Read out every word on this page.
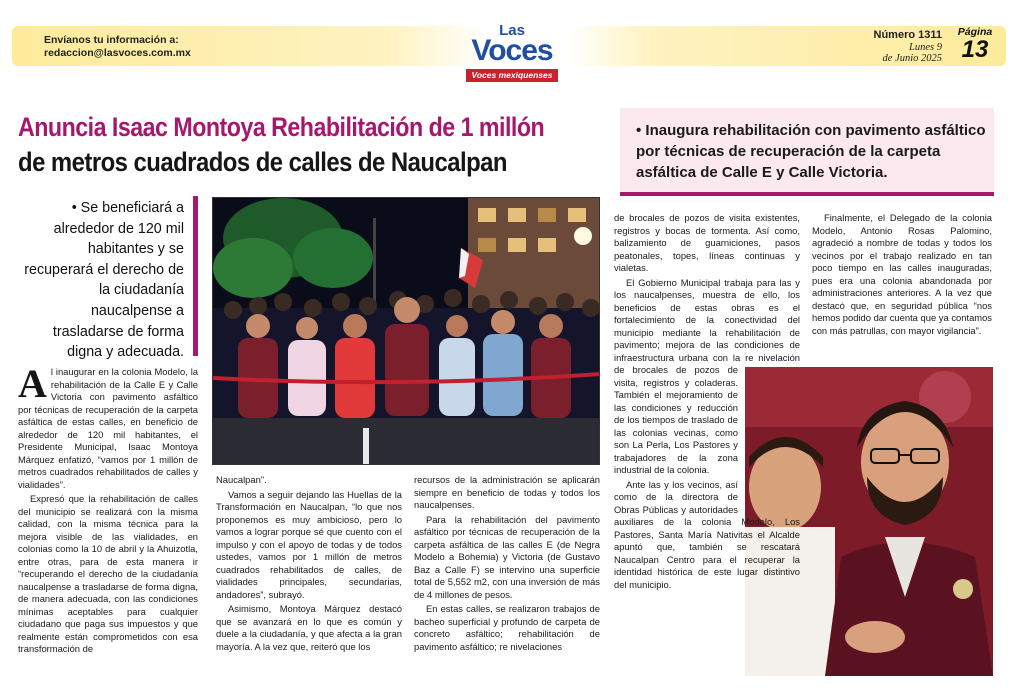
Envíanos tu información a:
redaccion@lasvoces.com.mx
Las
Voces
Voces mexiquenses
Número 1311
Lunes 9
de Junio 2025
Página
13
Anuncia Isaac Montoya Rehabilitación de 1 millón
de metros cuadrados de calles de Naucalpan
• Inaugura rehabilitación con pavimento asfáltico por técnicas de recuperación de la carpeta asfáltica de Calle E y Calle Victoria.
• Se beneficiará a alrededor de 120 mil habitantes y se recuperará el derecho de la ciudadanía naucalpense a trasladarse de forma digna y adecuada.

Al inaugurar en la colonia Modelo, la rehabilitación de la Calle E y Calle Victoria con pavimento asfáltico por técnicas de recuperación de la carpeta asfáltica de estas calles, en beneficio de alrededor de 120 mil habitantes, el Presidente Municipal, Isaac Montoya Márquez enfatizó, “vamos por 1 millón de metros cuadrados rehabilitados de calles y vialidades”.

Expresó que la rehabilitación de calles del municipio se realizará con la misma calidad, con la misma técnica para la mejora visible de las vialidades, en colonias como la 10 de abril y la Ahuizotla, entre otras, para de esta manera ir “recuperando el derecho de la ciudadanía naucalpense a trasladarse de forma digna, de manera adecuada, con las condiciones mínimas aceptables para cualquier ciudadano que paga sus impuestos y que realmente están comprometidos con esa transformación de

Naucalpan”.

Vamos a seguir dejando las Huellas de la Transformación en Naucalpan, “lo que nos proponemos es muy ambicioso, pero lo vamos a lograr porque sé que cuento con el impulso y con el apoyo de todas y de todos ustedes, vamos por 1 millón de metros cuadrados rehabilitados de calles, de vialidades principales, secundarias, andadores”, subrayó.

Asimismo, Montoya Márquez destacó que se avanzará en lo que es común y duele a la ciudadanía, y que afecta a la gran mayoría. A la vez que, reiteró que los

recursos de la administración se aplicarán siempre en beneficio de todas y todos los naucalpenses.

Para la rehabilitación del pavimento asfáltico por técnicas de recuperación de la carpeta asfáltica de las calles E (de Negra Modelo a Bohemia) y Victoria (de Gustavo Baz a Calle F) se intervino una superficie total de 5,552 m2, con una inversión de más de 4 millones de pesos.

En estas calles, se realizaron trabajos de bacheo superficial y profundo de carpeta de concreto asfáltico; rehabilitación de pavimento asfáltico; re nivelaciones

de brocales de pozos de visita existentes, registros y bocas de tormenta. Así como, balizamiento de guarniciones, pasos peatonales, topes, líneas continuas y vialetas.

El Gobierno Municipal trabaja para las y los naucalpenses, muestra de ello, los beneficios de estas obras es el fortalecimiento de la conectividad del municipio mediante la rehabilitación de pavimento; mejora de las condiciones de infraestructura urbana con la re nivelación de brocales de pozos de visita, registros y coladeras. También el mejoramiento de las condiciones y reducción de los tiempos de traslado de las colonias vecinas, como son La Perla, Los Pastores y trabajadores de la zona industrial de la colonia.

Ante las y los vecinos, así como de la directora de Obras Públicas y autoridades auxiliares de la colonia Modelo, Los Pastores, Santa María Nativitas el Alcalde apuntó que, también se rescatará Naucalpan Centro para el recuperar la identidad histórica de este lugar distintivo del municipio.

Finalmente, el Delegado de la colonia Modelo, Antonio Rosas Palomino, agradeció a nombre de todas y todos los vecinos por el trabajo realizado en tan poco tiempo en las calles inauguradas, pues era una colonia abandonada por administraciones anteriores. A la vez que destacó que, en seguridad pública “nos hemos podido dar cuenta que ya contamos con más patrullas, con mayor vigilancia”.
